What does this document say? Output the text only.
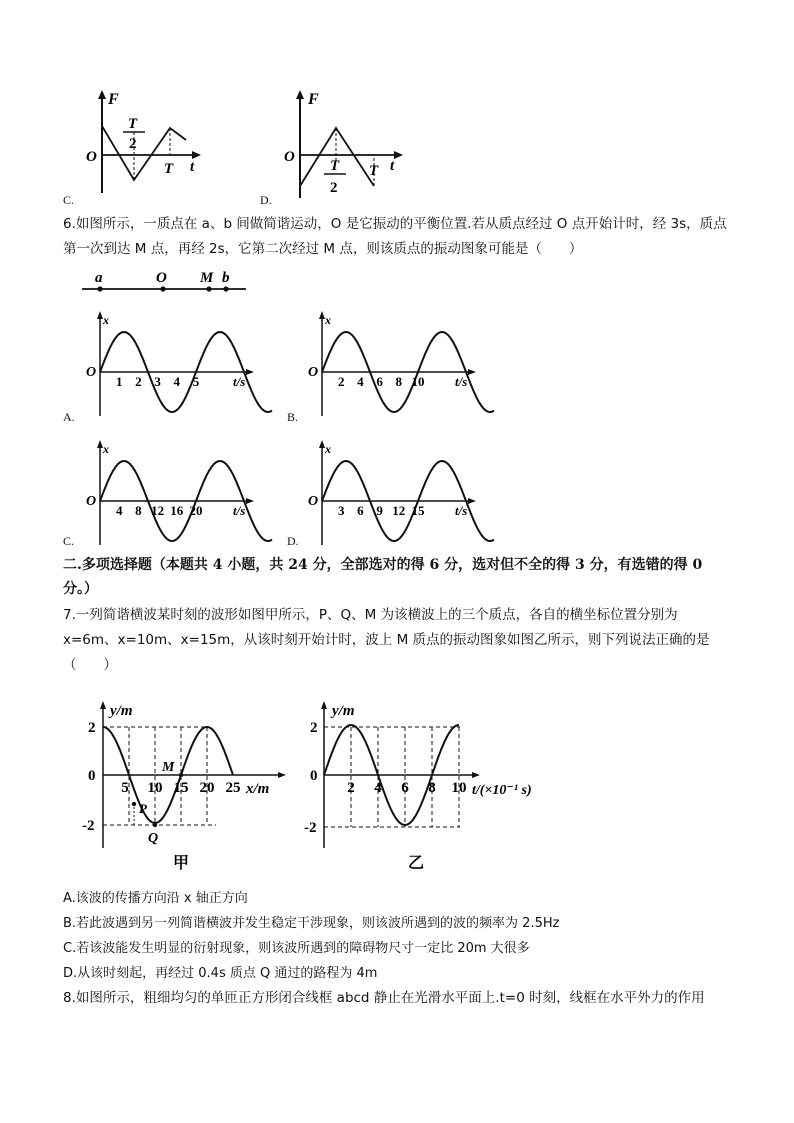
F
t
O
T
2
T
C.
F
t
O
T
2
T
D.
6.如图所示，一质点在 a、b 间做简谐运动，O 是它振动的平衡位置.若从质点经过 O 点开始计时，经 3s，质点第一次到达 M 点，再经 2s，它第二次经过 M 点，则该质点的振动图象可能是（　　）
a	O M b
x
t/s
O
1 2 3 4 5
A.
x
t/s
O
2 4 6 8 10
B.
x
t/s
O
4 8 12 16 20
C.
x
t/s
O
3 6 9 12 15
D.
二.多项选择题（本题共 4 小题，共 24 分，全部选对的得 6 分，选对但不全的得 3 分，有选错的得 0 分。）
7.一列简谐横波某时刻的波形如图甲所示，P、Q、M 为该横波上的三个质点，各自的横坐标位置分别为 x=6m、x=10m、x=15m，从该时刻开始计时，波上 M 质点的振动图象如图乙所示，则下列说法正确的是（　　）
y/m
x/m
2
0
-2
P
Q
M
5 10 15 20 25
甲
y/m
t/(×10⁻¹ s)
2
0
-2
2 4 6 8 10
乙
A.该波的传播方向沿 x 轴正方向
B.若此波遇到另一列简谐横波并发生稳定干涉现象，则该波所遇到的波的频率为 2.5Hz
C.若该波能发生明显的衍射现象，则该波所遇到的障碍物尺寸一定比 20m 大很多
D.从该时刻起，再经过 0.4s 质点 Q 通过的路程为 4m
8.如图所示，粗细均匀的单匝正方形闭合线框 abcd 静止在光滑水平面上.t=0 时刻，线框在水平外力的作用
